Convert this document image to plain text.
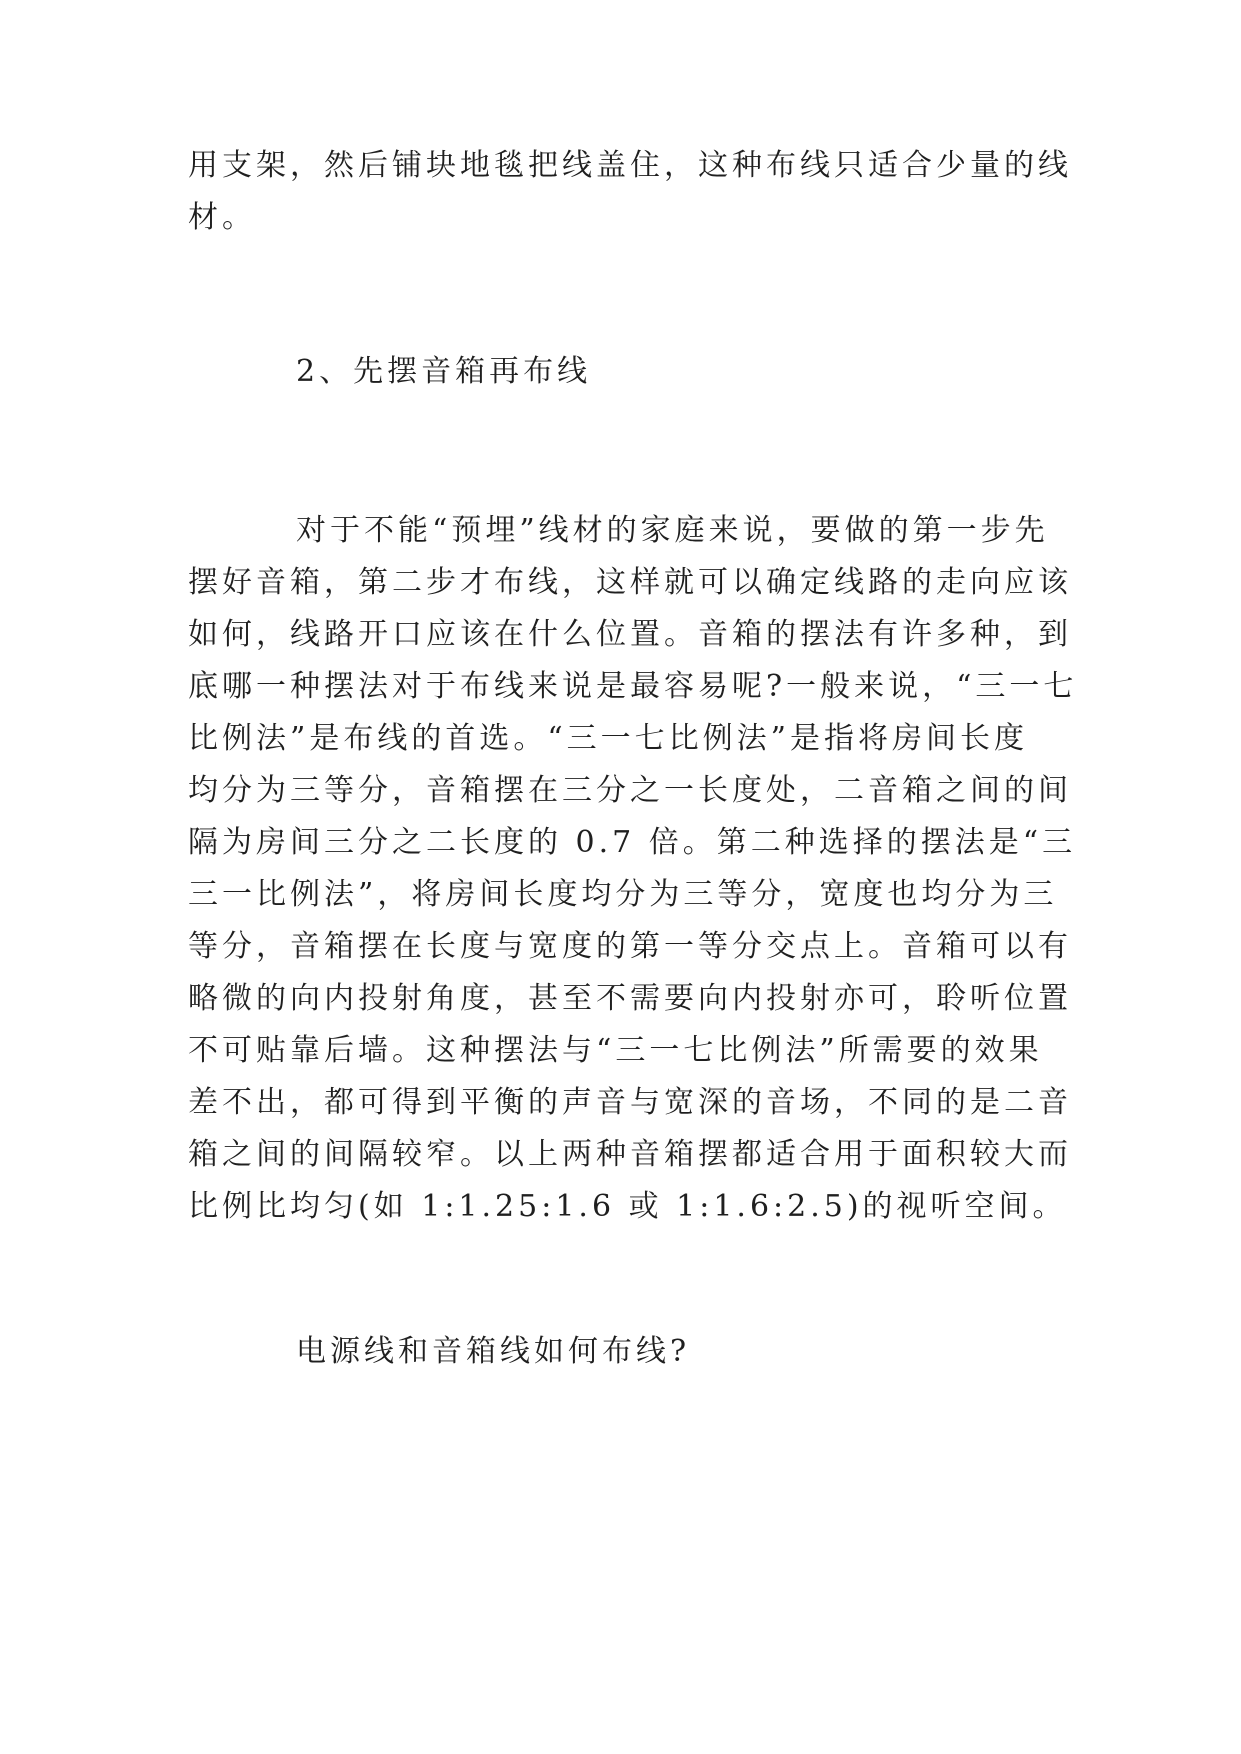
用支架，然后铺块地毯把线盖住，这种布线只适合少量的线
材。
2、先摆音箱再布线
对于不能“预埋”线材的家庭来说，要做的第一步先
摆好音箱，第二步才布线，这样就可以确定线路的走向应该
如何，线路开口应该在什么位置。音箱的摆法有许多种，到
底哪一种摆法对于布线来说是最容易呢?一般来说，“三一七
比例法”是布线的首选。“三一七比例法”是指将房间长度
均分为三等分，音箱摆在三分之一长度处，二音箱之间的间
隔为房间三分之二长度的 0.7 倍。第二种选择的摆法是“三
三一比例法”，将房间长度均分为三等分，宽度也均分为三
等分，音箱摆在长度与宽度的第一等分交点上。音箱可以有
略微的向内投射角度，甚至不需要向内投射亦可，聆听位置
不可贴靠后墙。这种摆法与“三一七比例法”所需要的效果
差不出，都可得到平衡的声音与宽深的音场，不同的是二音
箱之间的间隔较窄。以上两种音箱摆都适合用于面积较大而
比例比均匀(如 1:1.25:1.6 或 1:1.6:2.5)的视听空间。
电源线和音箱线如何布线?
